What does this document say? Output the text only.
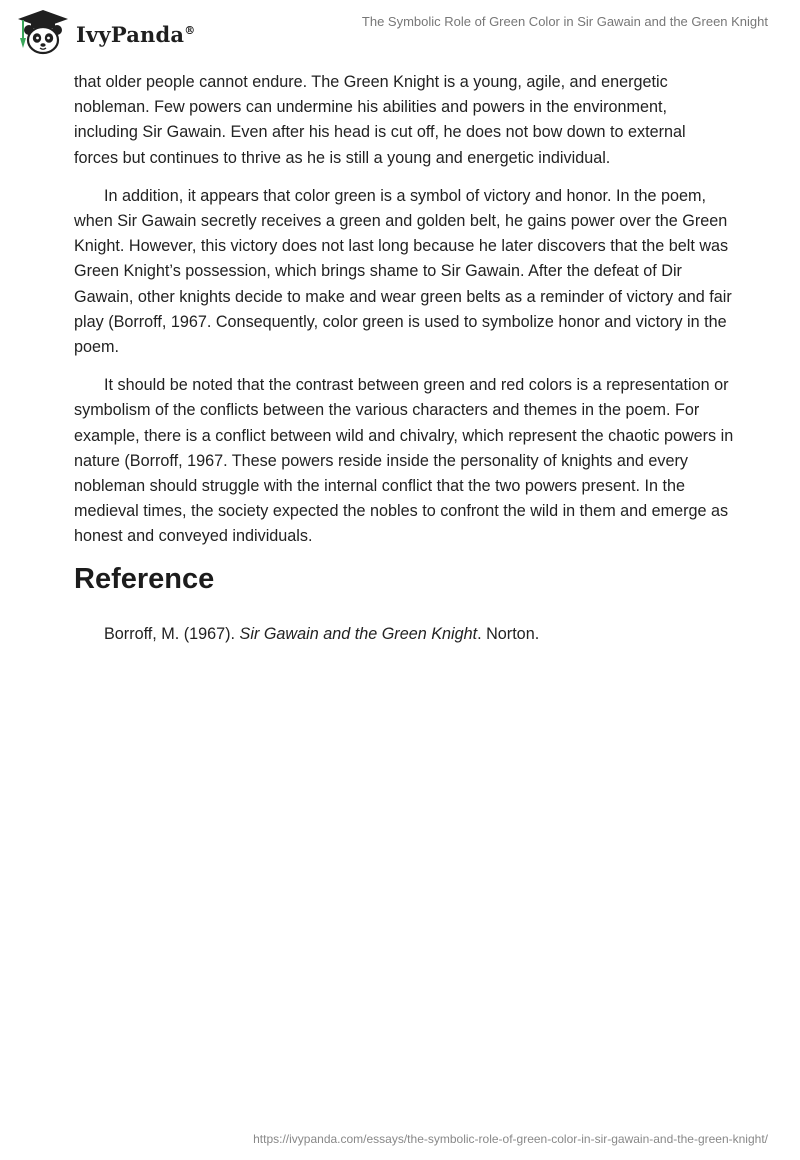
IvyPanda®
The Symbolic Role of Green Color in Sir Gawain and the Green Knight

that older people cannot endure. The Green Knight is a young, agile, and energetic nobleman. Few powers can undermine his abilities and powers in the environment, including Sir Gawain. Even after his head is cut off, he does not bow down to external forces but continues to thrive as he is still a young and energetic individual.

In addition, it appears that color green is a symbol of victory and honor. In the poem, when Sir Gawain secretly receives a green and golden belt, he gains power over the Green Knight. However, this victory does not last long because he later discovers that the belt was Green Knight’s possession, which brings shame to Sir Gawain. After the defeat of Dir Gawain, other knights decide to make and wear green belts as a reminder of victory and fair play (Borroff, 1967. Consequently, color green is used to symbolize honor and victory in the poem.

It should be noted that the contrast between green and red colors is a representation or symbolism of the conflicts between the various characters and themes in the poem. For example, there is a conflict between wild and chivalry, which represent the chaotic powers in nature (Borroff, 1967. These powers reside inside the personality of knights and every nobleman should struggle with the internal conflict that the two powers present. In the medieval times, the society expected the nobles to confront the wild in them and emerge as honest and conveyed individuals.

Reference
Borroff, M. (1967). Sir Gawain and the Green Knight. Norton.
https://ivypanda.com/essays/the-symbolic-role-of-green-color-in-sir-gawain-and-the-green-knight/
